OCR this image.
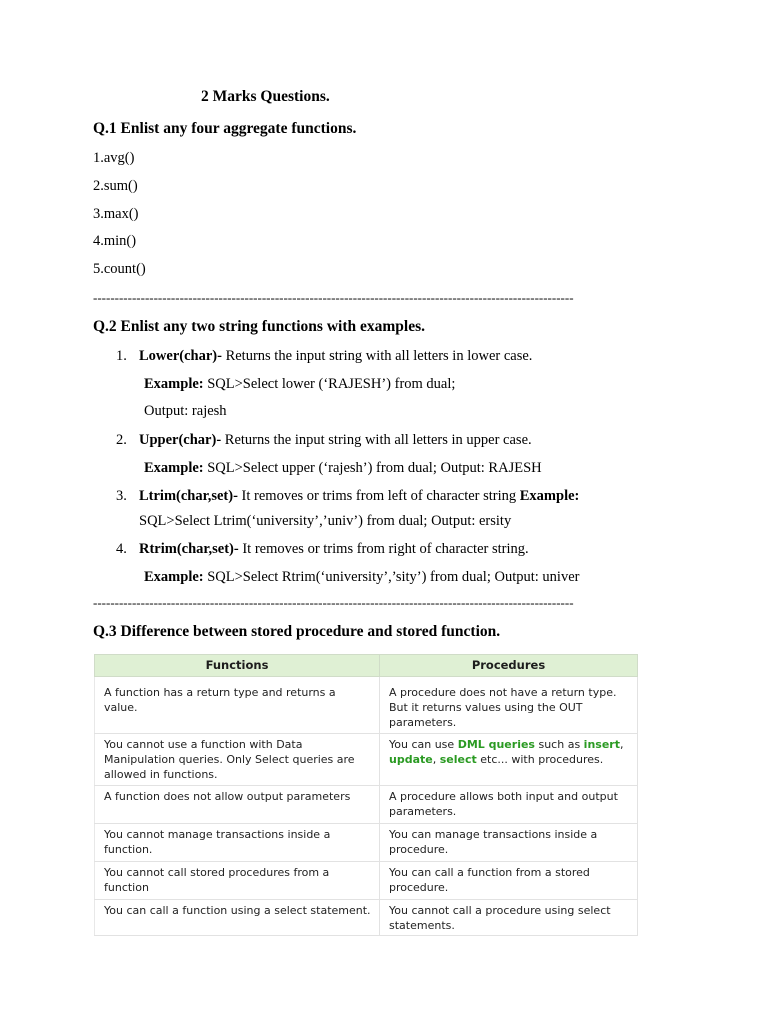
2 Marks Questions.
Q.1 Enlist any four aggregate functions.
1.avg()
2.sum()
3.max()
4.min()
5.count()
---------------------------------------------------------------------------------------------------------------
Q.2 Enlist any two string functions with examples.
1. Lower(char)- Returns the input string with all letters in lower case.
Example: SQL>Select lower (‘RAJESH’) from dual;
Output: rajesh
2. Upper(char)- Returns the input string with all letters in upper case.
Example: SQL>Select upper (‘rajesh’) from dual; Output: RAJESH
3. Ltrim(char,set)- It removes or trims from left of character string Example:
SQL>Select Ltrim(‘university’,’univ’) from dual; Output: ersity
4. Rtrim(char,set)- It removes or trims from right of character string.
Example: SQL>Select Rtrim(‘university’,’sity’) from dual; Output: univer
---------------------------------------------------------------------------------------------------------------
Q.3 Difference between stored procedure and stored function.
Functions	Procedures
A function has a return type and returns a value.	A procedure does not have a return type. But it returns values using the OUT parameters.
You cannot use a function with Data Manipulation queries. Only Select queries are allowed in functions.	You can use DML queries such as insert, update, select etc... with procedures.
A function does not allow output parameters	A procedure allows both input and output parameters.
You cannot manage transactions inside a function.	You can manage transactions inside a procedure.
You cannot call stored procedures from a function	You can call a function from a stored procedure.
You can call a function using a select statement.	You cannot call a procedure using select statements.
